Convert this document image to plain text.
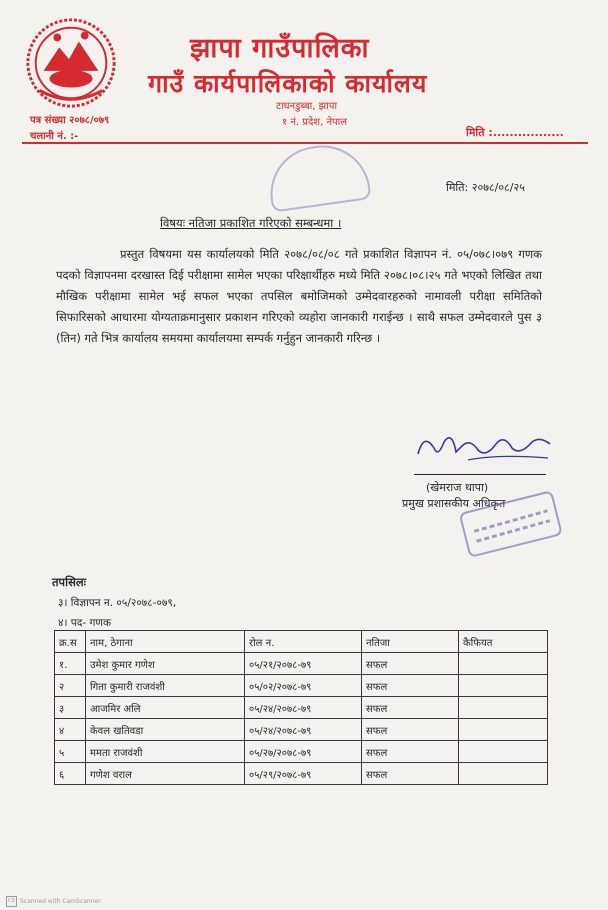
झापा गाउँपालिका
गाउँ कार्यपालिकाको कार्यालय
टाघनडुब्बा, झापा
१ नं. प्रदेश, नेपाल
पत्र संख्या २०७८/०७९
चलानी नं. :-	मिति :.................
मिति: २०७८/०८/२५
विषयः नतिजा प्रकाशित गरिएको सम्बन्धमा ।

प्रस्तुत विषयमा यस कार्यालयको मिति २०७८/०८/०८ गते प्रकाशित विज्ञापन नं. ०५/०७८।०७९ गणक पदको विज्ञापनमा दरखास्त दिई परीक्षामा सामेल भएका परिक्षार्थीहरु मध्ये मिति २०७८।०८।२५ गते भएको लिखित तथा मौखिक परीक्षामा सामेल भई सफल भएका तपसिल बमोजिमको उम्मेदवारहरुको नामावली परीक्षा समितिको सिफारिसको आधारमा योग्यताक्रमानुसार प्रकाशन गरिएको व्यहोरा जानकारी गराईन्छ । साथै सफल उम्मेदवारले पुस ३ (तिन) गते भित्र कार्यालय समयमा कार्यालयमा सम्पर्क गर्नुहुन जानकारी गरिन्छ ।

(खेमराज थापा)
प्रमुख प्रशासकीय अधिकृत
तपसिलः
३। विज्ञापन न. ०५/२०७८-०७९,
४। पद- गणक
क्र.स	नाम, ठेगाना	रोल न.	नतिजा	कैफियत
१.	उमेश कुमार गणेश	०५/२१/२०७८-७९	सफल	
२	गिता कुमारी राजवंशी	०५/०२/२०७८-७९	सफल	
३	आजमिर अलि	०५/२४/२०७८-७९	सफल	
४	केवल खतिवडा	०५/२४/२०७८-७९	सफल	
५	ममता राजवंशी	०५/२७/२०७८-७९	सफल	
६	गणेश वराल	०५/२९/२०७८-७९	सफल	
CS Scanned with CamScanner
